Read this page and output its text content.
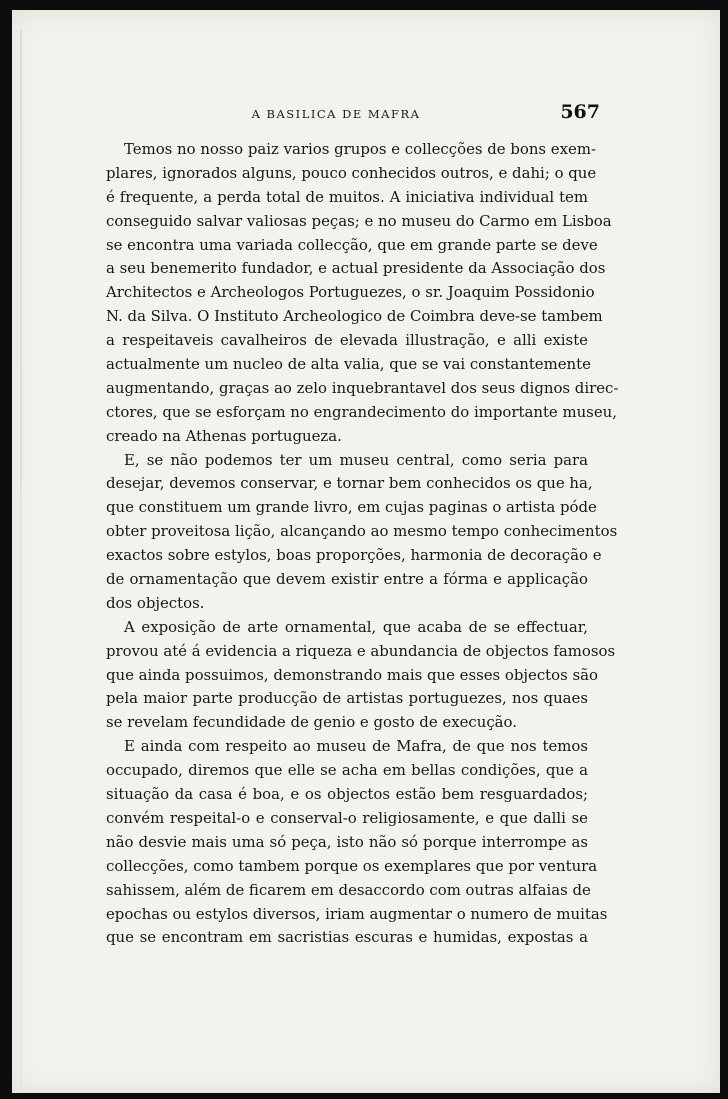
A BASILICA DE MAFRA	567
Temos no nosso paiz varios grupos e collecções de bons exem-
plares, ignorados alguns, pouco conhecidos outros, e dahi; o que
é frequente, a perda total de muitos. A iniciativa individual tem
conseguido salvar valiosas peças; e no museu do Carmo em Lisboa
se encontra uma variada collecção, que em grande parte se deve
a seu benemerito fundador, e actual presidente da Associação dos
Architectos e Archeologos Portuguezes, o sr. Joaquim Possidonio
N. da Silva. O Instituto Archeologico de Coimbra deve-se tambem
a respeitaveis cavalheiros de elevada illustração, e alli existe
actualmente um nucleo de alta valia, que se vai constantemente
augmentando, graças ao zelo inquebrantavel dos seus dignos direc-
ctores, que se esforçam no engrandecimento do importante museu,
creado na Athenas portugueza.
E, se não podemos ter um museu central, como seria para
desejar, devemos conservar, e tornar bem conhecidos os que ha,
que constituem um grande livro, em cujas paginas o artista póde
obter proveitosa lição, alcançando ao mesmo tempo conhecimentos
exactos sobre estylos, boas proporções, harmonia de decoração e
de ornamentação que devem existir entre a fórma e applicação
dos objectos.
A exposição de arte ornamental, que acaba de se effectuar,
provou até á evidencia a riqueza e abundancia de objectos famosos
que ainda possuimos, demonstrando mais que esses objectos são
pela maior parte producção de artistas portuguezes, nos quaes
se revelam fecundidade de genio e gosto de execução.
E ainda com respeito ao museu de Mafra, de que nos temos
occupado, diremos que elle se acha em bellas condições, que a
situação da casa é boa, e os objectos estão bem resguardados;
convém respeital-o e conserval-o religiosamente, e que dalli se
não desvie mais uma só peça, isto não só porque interrompe as
collecções, como tambem porque os exemplares que por ventura
sahissem, além de ficarem em desaccordo com outras alfaias de
epochas ou estylos diversos, iriam augmentar o numero de muitas
que se encontram em sacristias escuras e humidas, expostas a
